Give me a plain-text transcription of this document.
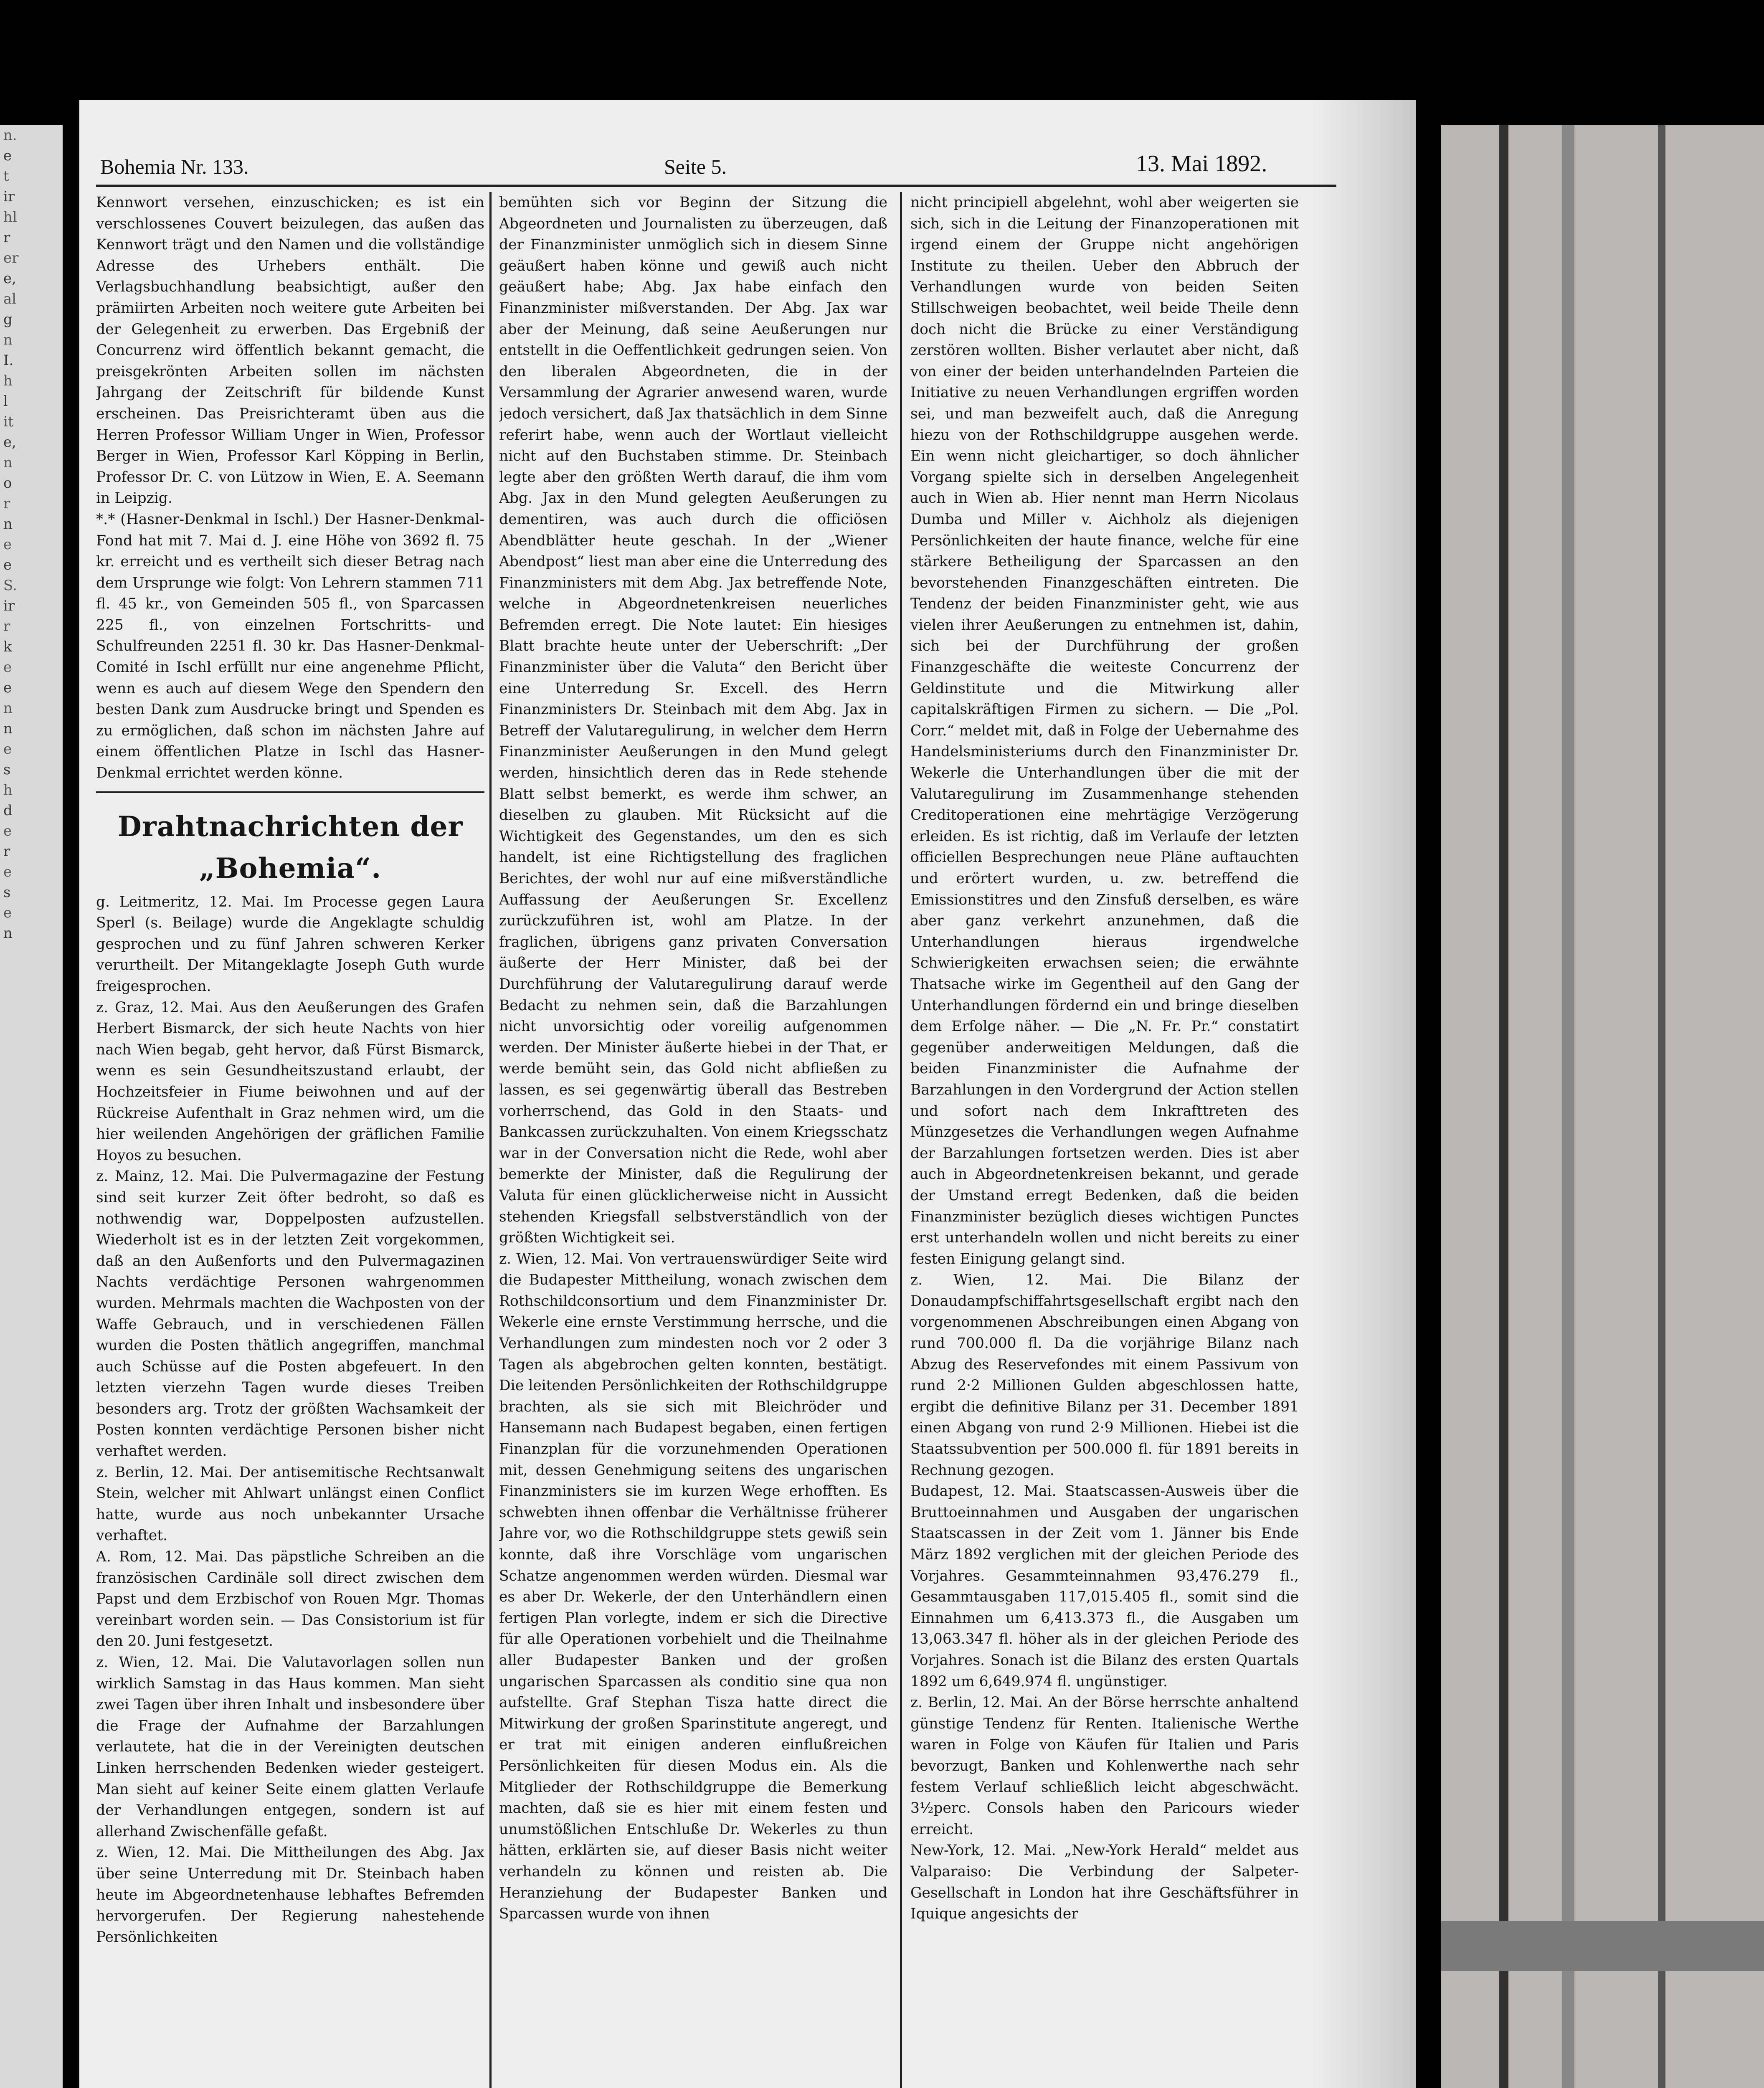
n.
e
t
ir
hl
r
er
e,
al
g
n
I.
h
l
it
e,
n
o
r
n
e
e
S.
ir
r
k
e
e
n
n
e
s
h
d
e
r
e
s
e
n
Bohemia Nr. 133.	Seite 5.	13. Mai 1892.

Kennwort versehen, einzuschicken; es ist ein verschlossenes Couvert beizulegen, das außen das Kennwort trägt und den Namen und die vollständige Adresse des Urhebers enthält. Die Verlagsbuchhandlung beabsichtigt, außer den prämiirten Arbeiten noch weitere gute Arbeiten bei der Gelegenheit zu erwerben. Das Ergebniß der Concurrenz wird öffentlich bekannt gemacht, die preisgekrönten Arbeiten sollen im nächsten Jahrgang der Zeitschrift für bildende Kunst erscheinen. Das Preisrichteramt üben aus die Herren Professor William Unger in Wien, Professor Berger in Wien, Professor Karl Köpping in Berlin, Professor Dr. C. von Lützow in Wien, E. A. Seemann in Leipzig.

*.* (Hasner-Denkmal in Ischl.) Der Hasner-Denkmal-Fond hat mit 7. Mai d. J. eine Höhe von 3692 fl. 75 kr. erreicht und es vertheilt sich dieser Betrag nach dem Ursprunge wie folgt: Von Lehrern stammen 711 fl. 45 kr., von Gemeinden 505 fl., von Sparcassen 225 fl., von einzelnen Fortschritts- und Schulfreunden 2251 fl. 30 kr. Das Hasner-Denkmal-Comité in Ischl erfüllt nur eine angenehme Pflicht, wenn es auch auf diesem Wege den Spendern den besten Dank zum Ausdrucke bringt und Spenden es zu ermöglichen, daß schon im nächsten Jahre auf einem öffentlichen Platze in Ischl das Hasner-Denkmal errichtet werden könne.

Drahtnachrichten der „Bohemia“.

g. Leitmeritz, 12. Mai. Im Processe gegen Laura Sperl (s. Beilage) wurde die Angeklagte schuldig gesprochen und zu fünf Jahren schweren Kerker verurtheilt. Der Mitangeklagte Joseph Guth wurde freigesprochen.

z. Graz, 12. Mai. Aus den Aeußerungen des Grafen Herbert Bismarck, der sich heute Nachts von hier nach Wien begab, geht hervor, daß Fürst Bismarck, wenn es sein Gesundheitszustand erlaubt, der Hochzeitsfeier in Fiume beiwohnen und auf der Rückreise Aufenthalt in Graz nehmen wird, um die hier weilenden Angehörigen der gräflichen Familie Hoyos zu besuchen.

z. Mainz, 12. Mai. Die Pulvermagazine der Festung sind seit kurzer Zeit öfter bedroht, so daß es nothwendig war, Doppelposten aufzustellen. Wiederholt ist es in der letzten Zeit vorgekommen, daß an den Außenforts und den Pulvermagazinen Nachts verdächtige Personen wahrgenommen wurden. Mehrmals machten die Wachposten von der Waffe Gebrauch, und in verschiedenen Fällen wurden die Posten thätlich angegriffen, manchmal auch Schüsse auf die Posten abgefeuert. In den letzten vierzehn Tagen wurde dieses Treiben besonders arg. Trotz der größten Wachsamkeit der Posten konnten verdächtige Personen bisher nicht verhaftet werden.

z. Berlin, 12. Mai. Der antisemitische Rechtsanwalt Stein, welcher mit Ahlwart unlängst einen Conflict hatte, wurde aus noch unbekannter Ursache verhaftet.

A. Rom, 12. Mai. Das päpstliche Schreiben an die französischen Cardinäle soll direct zwischen dem Papst und dem Erzbischof von Rouen Mgr. Thomas vereinbart worden sein. — Das Consistorium ist für den 20. Juni festgesetzt.

z. Wien, 12. Mai. Die Valutavorlagen sollen nun wirklich Samstag in das Haus kommen. Man sieht zwei Tagen über ihren Inhalt und insbesondere über die Frage der Aufnahme der Barzahlungen verlautete, hat die in der Vereinigten deutschen Linken herrschenden Bedenken wieder gesteigert. Man sieht auf keiner Seite einem glatten Verlaufe der Verhandlungen entgegen, sondern ist auf allerhand Zwischenfälle gefaßt.

z. Wien, 12. Mai. Die Mittheilungen des Abg. Jax über seine Unterredung mit Dr. Steinbach haben heute im Abgeordnetenhause lebhaftes Befremden hervorgerufen. Der Regierung nahestehende Persönlichkeiten

bemühten sich vor Beginn der Sitzung die Abgeordneten und Journalisten zu überzeugen, daß der Finanzminister unmöglich sich in diesem Sinne geäußert haben könne und gewiß auch nicht geäußert habe; Abg. Jax habe einfach den Finanzminister mißverstanden. Der Abg. Jax war aber der Meinung, daß seine Aeußerungen nur entstellt in die Oeffentlichkeit gedrungen seien. Von den liberalen Abgeordneten, die in der Versammlung der Agrarier anwesend waren, wurde jedoch versichert, daß Jax thatsächlich in dem Sinne referirt habe, wenn auch der Wortlaut vielleicht nicht auf den Buchstaben stimme. Dr. Steinbach legte aber den größten Werth darauf, die ihm vom Abg. Jax in den Mund gelegten Aeußerungen zu dementiren, was auch durch die officiösen Abendblätter heute geschah. In der „Wiener Abendpost“ liest man aber eine die Unterredung des Finanzministers mit dem Abg. Jax betreffende Note, welche in Abgeordnetenkreisen neuerliches Befremden erregt. Die Note lautet: Ein hiesiges Blatt brachte heute unter der Ueberschrift: „Der Finanzminister über die Valuta“ den Bericht über eine Unterredung Sr. Excell. des Herrn Finanzministers Dr. Steinbach mit dem Abg. Jax in Betreff der Valutaregulirung, in welcher dem Herrn Finanzminister Aeußerungen in den Mund gelegt werden, hinsichtlich deren das in Rede stehende Blatt selbst bemerkt, es werde ihm schwer, an dieselben zu glauben. Mit Rücksicht auf die Wichtigkeit des Gegenstandes, um den es sich handelt, ist eine Richtigstellung des fraglichen Berichtes, der wohl nur auf eine mißverständliche Auffassung der Aeußerungen Sr. Excellenz zurückzuführen ist, wohl am Platze. In der fraglichen, übrigens ganz privaten Conversation äußerte der Herr Minister, daß bei der Durchführung der Valutaregulirung darauf werde Bedacht zu nehmen sein, daß die Barzahlungen nicht unvorsichtig oder voreilig aufgenommen werden. Der Minister äußerte hiebei in der That, er werde bemüht sein, das Gold nicht abfließen zu lassen, es sei gegenwärtig überall das Bestreben vorherrschend, das Gold in den Staats- und Bankcassen zurückzuhalten. Von einem Kriegsschatz war in der Conversation nicht die Rede, wohl aber bemerkte der Minister, daß die Regulirung der Valuta für einen glücklicherweise nicht in Aussicht stehenden Kriegsfall selbstverständlich von der größten Wichtigkeit sei.

z. Wien, 12. Mai. Von vertrauenswürdiger Seite wird die Budapester Mittheilung, wonach zwischen dem Rothschildconsortium und dem Finanzminister Dr. Wekerle eine ernste Verstimmung herrsche, und die Verhandlungen zum mindesten noch vor 2 oder 3 Tagen als abgebrochen gelten konnten, bestätigt. Die leitenden Persönlichkeiten der Rothschildgruppe brachten, als sie sich mit Bleichröder und Hansemann nach Budapest begaben, einen fertigen Finanzplan für die vorzunehmenden Operationen mit, dessen Genehmigung seitens des ungarischen Finanzministers sie im kurzen Wege erhofften. Es schwebten ihnen offenbar die Verhältnisse früherer Jahre vor, wo die Rothschildgruppe stets gewiß sein konnte, daß ihre Vorschläge vom ungarischen Schatze angenommen werden würden. Diesmal war es aber Dr. Wekerle, der den Unterhändlern einen fertigen Plan vorlegte, indem er sich die Directive für alle Operationen vorbehielt und die Theilnahme aller Budapester Banken und der großen ungarischen Sparcassen als conditio sine qua non aufstellte. Graf Stephan Tisza hatte direct die Mitwirkung der großen Sparinstitute angeregt, und er trat mit einigen anderen einflußreichen Persönlichkeiten für diesen Modus ein. Als die Mitglieder der Rothschildgruppe die Bemerkung machten, daß sie es hier mit einem festen und unumstößlichen Entschluße Dr. Wekerles zu thun hätten, erklärten sie, auf dieser Basis nicht weiter verhandeln zu können und reisten ab. Die Heranziehung der Budapester Banken und Sparcassen wurde von ihnen

nicht principiell abgelehnt, wohl aber weigerten sie sich, sich in die Leitung der Finanzoperationen mit irgend einem der Gruppe nicht angehörigen Institute zu theilen. Ueber den Abbruch der Verhandlungen wurde von beiden Seiten Stillschweigen beobachtet, weil beide Theile denn doch nicht die Brücke zu einer Verständigung zerstören wollten. Bisher verlautet aber nicht, daß von einer der beiden unterhandelnden Parteien die Initiative zu neuen Verhandlungen ergriffen worden sei, und man bezweifelt auch, daß die Anregung hiezu von der Rothschildgruppe ausgehen werde. Ein wenn nicht gleichartiger, so doch ähnlicher Vorgang spielte sich in derselben Angelegenheit auch in Wien ab. Hier nennt man Herrn Nicolaus Dumba und Miller v. Aichholz als diejenigen Persönlichkeiten der haute finance, welche für eine stärkere Betheiligung der Sparcassen an den bevorstehenden Finanzgeschäften eintreten. Die Tendenz der beiden Finanzminister geht, wie aus vielen ihrer Aeußerungen zu entnehmen ist, dahin, sich bei der Durchführung der großen Finanzgeschäfte die weiteste Concurrenz der Geldinstitute und die Mitwirkung aller capitalskräftigen Firmen zu sichern. — Die „Pol. Corr.“ meldet mit, daß in Folge der Uebernahme des Handelsministeriums durch den Finanzminister Dr. Wekerle die Unterhandlungen über die mit der Valutaregulirung im Zusammenhange stehenden Creditoperationen eine mehrtägige Verzögerung erleiden. Es ist richtig, daß im Verlaufe der letzten officiellen Besprechungen neue Pläne auftauchten und erörtert wurden, u. zw. betreffend die Emissionstitres und den Zinsfuß derselben, es wäre aber ganz verkehrt anzunehmen, daß die Unterhandlungen hieraus irgendwelche Schwierigkeiten erwachsen seien; die erwähnte Thatsache wirke im Gegentheil auf den Gang der Unterhandlungen fördernd ein und bringe dieselben dem Erfolge näher. — Die „N. Fr. Pr.“ constatirt gegenüber anderweitigen Meldungen, daß die beiden Finanzminister die Aufnahme der Barzahlungen in den Vordergrund der Action stellen und sofort nach dem Inkrafttreten des Münzgesetzes die Verhandlungen wegen Aufnahme der Barzahlungen fortsetzen werden. Dies ist aber auch in Abgeordnetenkreisen bekannt, und gerade der Umstand erregt Bedenken, daß die beiden Finanzminister bezüglich dieses wichtigen Punctes erst unterhandeln wollen und nicht bereits zu einer festen Einigung gelangt sind.

z. Wien, 12. Mai. Die Bilanz der Donaudampfschiffahrtsgesellschaft ergibt nach den vorgenommenen Abschreibungen einen Abgang von rund 700.000 fl. Da die vorjährige Bilanz nach Abzug des Reservefondes mit einem Passivum von rund 2·2 Millionen Gulden abgeschlossen hatte, ergibt die definitive Bilanz per 31. December 1891 einen Abgang von rund 2·9 Millionen. Hiebei ist die Staatssubvention per 500.000 fl. für 1891 bereits in Rechnung gezogen.

Budapest, 12. Mai. Staatscassen-Ausweis über die Bruttoeinnahmen und Ausgaben der ungarischen Staatscassen in der Zeit vom 1. Jänner bis Ende März 1892 verglichen mit der gleichen Periode des Vorjahres. Gesammteinnahmen 93,476.279 fl., Gesammtausgaben 117,015.405 fl., somit sind die Einnahmen um 6,413.373 fl., die Ausgaben um 13,063.347 fl. höher als in der gleichen Periode des Vorjahres. Sonach ist die Bilanz des ersten Quartals 1892 um 6,649.974 fl. ungünstiger.

z. Berlin, 12. Mai. An der Börse herrschte anhaltend günstige Tendenz für Renten. Italienische Werthe waren in Folge von Käufen für Italien und Paris bevorzugt, Banken und Kohlenwerthe nach sehr festem Verlauf schließlich leicht abgeschwächt. 3½perc. Consols haben den Paricours wieder erreicht.

New-York, 12. Mai. „New-York Herald“ meldet aus Valparaiso: Die Verbindung der Salpeter-Gesellschaft in London hat ihre Geschäftsführer in Iquique angesichts der
